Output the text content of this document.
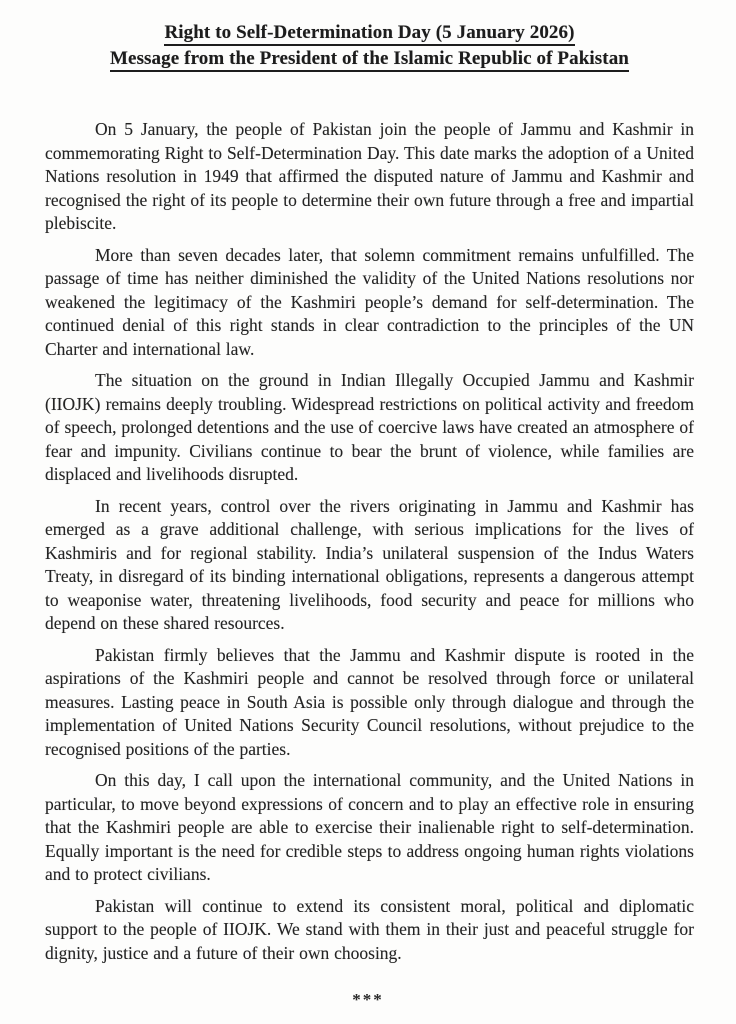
Right to Self-Determination Day (5 January 2026)
Message from the President of the Islamic Republic of Pakistan

On 5 January, the people of Pakistan join the people of Jammu and Kashmir in commemorating Right to Self-Determination Day. This date marks the adoption of a United Nations resolution in 1949 that affirmed the disputed nature of Jammu and Kashmir and recognised the right of its people to determine their own future through a free and impartial plebiscite.

More than seven decades later, that solemn commitment remains unfulfilled. The passage of time has neither diminished the validity of the United Nations resolutions nor weakened the legitimacy of the Kashmiri people’s demand for self-determination. The continued denial of this right stands in clear contradiction to the principles of the UN Charter and international law.

The situation on the ground in Indian Illegally Occupied Jammu and Kashmir (IIOJK) remains deeply troubling. Widespread restrictions on political activity and freedom of speech, prolonged detentions and the use of coercive laws have created an atmosphere of fear and impunity. Civilians continue to bear the brunt of violence, while families are displaced and livelihoods disrupted.

In recent years, control over the rivers originating in Jammu and Kashmir has emerged as a grave additional challenge, with serious implications for the lives of Kashmiris and for regional stability. India’s unilateral suspension of the Indus Waters Treaty, in disregard of its binding international obligations, represents a dangerous attempt to weaponise water, threatening livelihoods, food security and peace for millions who depend on these shared resources.

Pakistan firmly believes that the Jammu and Kashmir dispute is rooted in the aspirations of the Kashmiri people and cannot be resolved through force or unilateral measures. Lasting peace in South Asia is possible only through dialogue and through the implementation of United Nations Security Council resolutions, without prejudice to the recognised positions of the parties.

On this day, I call upon the international community, and the United Nations in particular, to move beyond expressions of concern and to play an effective role in ensuring that the Kashmiri people are able to exercise their inalienable right to self-determination. Equally important is the need for credible steps to address ongoing human rights violations and to protect civilians.

Pakistan will continue to extend its consistent moral, political and diplomatic support to the people of IIOJK. We stand with them in their just and peaceful struggle for dignity, justice and a future of their own choosing.

***
